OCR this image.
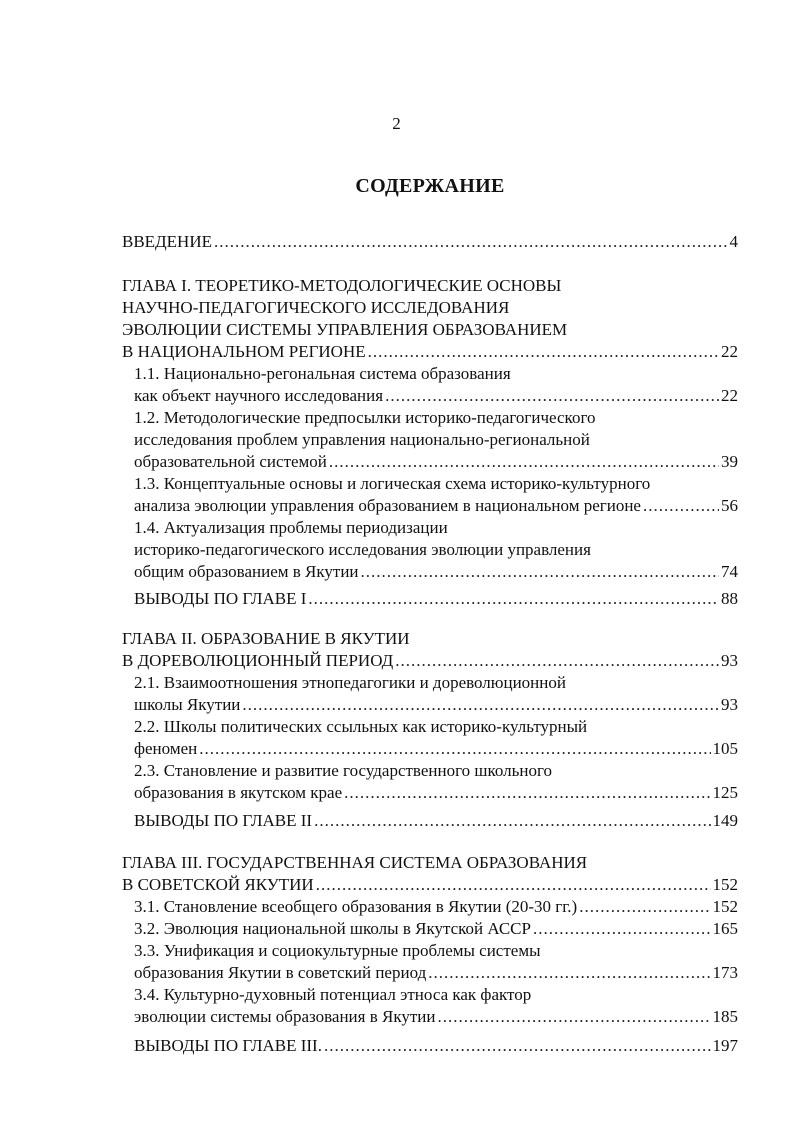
2
СОДЕРЖАНИЕ
ВВЕДЕНИЕ .....	4
ГЛАВА I. ТЕОРЕТИКО-МЕТОДОЛОГИЧЕСКИЕ ОСНОВЫ
НАУЧНО-ПЕДАГОГИЧЕСКОГО ИССЛЕДОВАНИЯ
ЭВОЛЮЦИИ СИСТЕМЫ УПРАВЛЕНИЯ ОБРАЗОВАНИЕМ
В НАЦИОНАЛЬНОМ РЕГИОНЕ .....	22
1.1. Национально-регональная система образования
как объект научного исследования .....	22
1.2. Методологические предпосылки историко-педагогического
исследования проблем управления национально-региональной
образовательной системой .....	39
1.3. Концептуальные основы и логическая схема историко-культурного
анализа эволюции управления образованием в национальном регионе .....	56
1.4. Актуализация проблемы периодизации
историко-педагогического исследования эволюции управления
общим образованием в Якутии .....	74
ВЫВОДЫ ПО ГЛАВЕ I .....	88
ГЛАВА II. ОБРАЗОВАНИЕ В ЯКУТИИ
В ДОРЕВОЛЮЦИОННЫЙ ПЕРИОД .....	93
2.1. Взаимоотношения этнопедагогики и дореволюционной
школы Якутии .....	93
2.2. Школы политических ссыльных как историко-культурный
феномен .....	105
2.3. Становление и развитие государственного школьного
образования в якутском крае .....	125
ВЫВОДЫ ПО ГЛАВЕ II .....	149
ГЛАВА III. ГОСУДАРСТВЕННАЯ СИСТЕМА ОБРАЗОВАНИЯ
В СОВЕТСКОЙ ЯКУТИИ .....	152
3.1. Становление всеобщего образования в Якутии (20-30 гг.) .....	152
3.2. Эволюция национальной школы в Якутской АССР .....	165
3.3. Унификация и социокультурные проблемы системы
образования Якутии в советский период .....	173
3.4. Культурно-духовный потенциал этноса как фактор
эволюции системы образования в Якутии .....	185
ВЫВОДЫ ПО ГЛАВЕ III. .....	197
